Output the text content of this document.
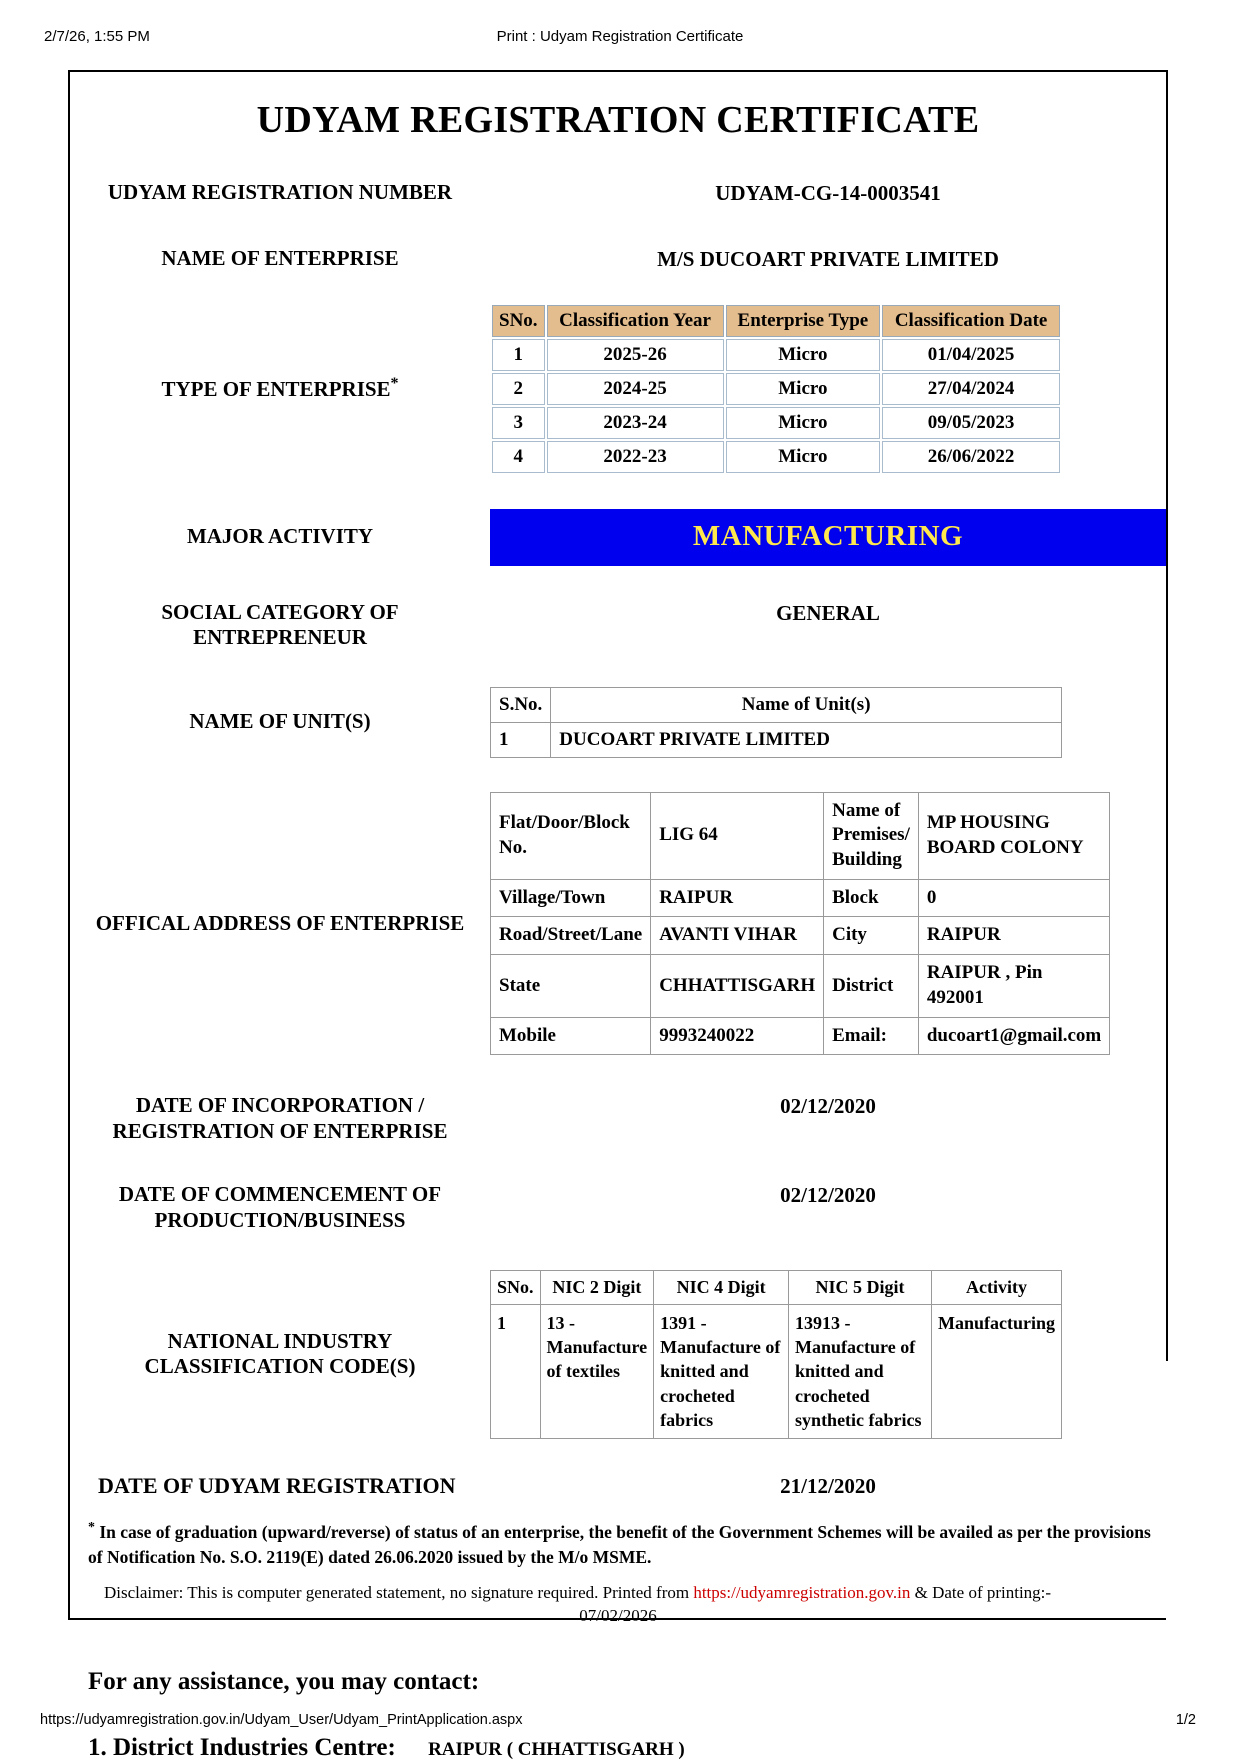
2/7/26, 1:55 PM	Print : Udyam Registration Certificate
UDYAM REGISTRATION CERTIFICATE
UDYAM REGISTRATION NUMBER	UDYAM-CG-14-0003541
NAME OF ENTERPRISE	M/S DUCOART PRIVATE LIMITED
TYPE OF ENTERPRISE*
SNo.	Classification Year	Enterprise Type	Classification Date
1	2025-26	Micro	01/04/2025
2	2024-25	Micro	27/04/2024
3	2023-24	Micro	09/05/2023
4	2022-23	Micro	26/06/2022
MAJOR ACTIVITY	MANUFACTURING
SOCIAL CATEGORY OF ENTREPRENEUR
GENERAL
NAME OF UNIT(S)
S.No.	Name of Unit(s)
1	DUCOART PRIVATE LIMITED
OFFICAL ADDRESS OF ENTERPRISE
Flat/Door/Block No.	LIG 64	Name of Premises/ Building	MP HOUSING BOARD COLONY
Village/Town	RAIPUR	Block	0
Road/Street/Lane	AVANTI VIHAR	City	RAIPUR
State	CHHATTISGARH	District	RAIPUR , Pin 492001
Mobile	9993240022	Email:	ducoart1@gmail.com
DATE OF INCORPORATION / REGISTRATION OF ENTERPRISE
02/12/2020
DATE OF COMMENCEMENT OF PRODUCTION/BUSINESS
02/12/2020
NATIONAL INDUSTRY CLASSIFICATION CODE(S)
SNo.	NIC 2 Digit	NIC 4 Digit	NIC 5 Digit	Activity
1	13 - Manufacture of textiles	1391 - Manufacture of knitted and crocheted fabrics	13913 - Manufacture of knitted and crocheted synthetic fabrics	Manufacturing
DATE OF UDYAM REGISTRATION	21/12/2020
* In case of graduation (upward/reverse) of status of an enterprise, the benefit of the Government Schemes will be availed as per the provisions of Notification No. S.O. 2119(E) dated 26.06.2020 issued by the M/o MSME.
Disclaimer: This is computer generated statement, no signature required. Printed from https://udyamregistration.gov.in & Date of printing:-
07/02/2026
For any assistance, you may contact:
1. District Industries Centre: RAIPUR ( CHHATTISGARH )
https://udyamregistration.gov.in/Udyam_User/Udyam_PrintApplication.aspx	1/2
